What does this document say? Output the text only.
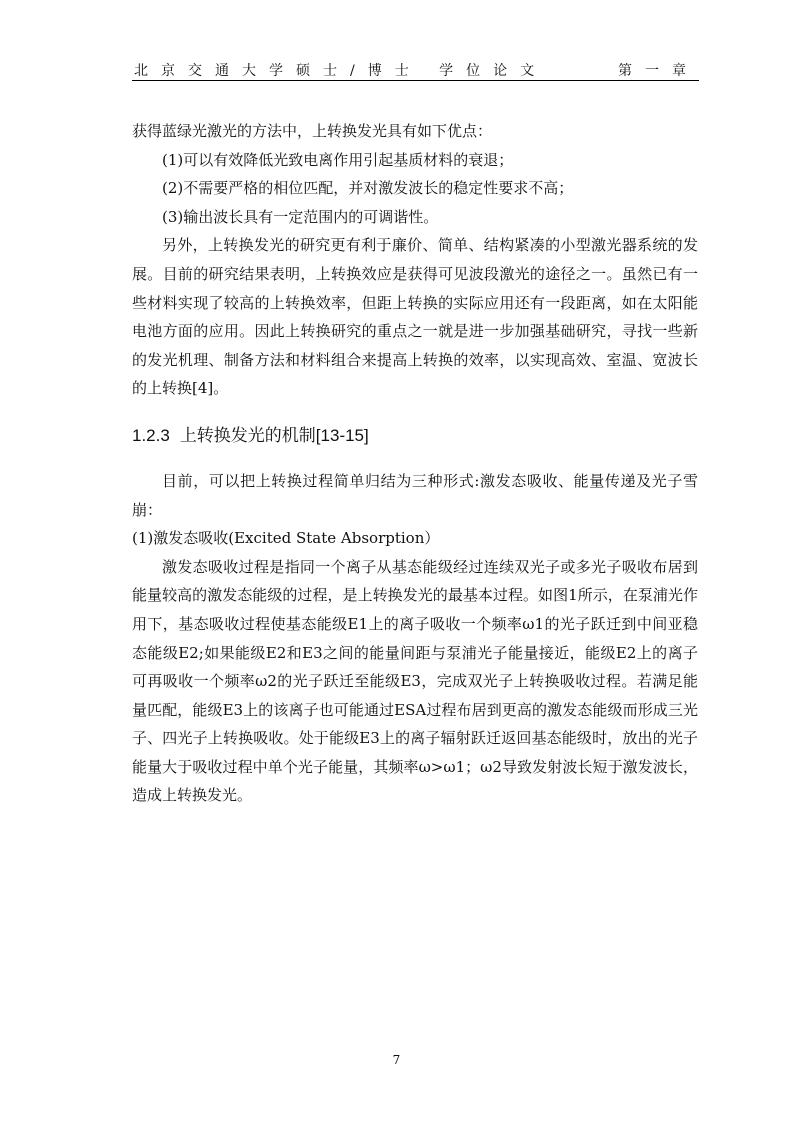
北京交通大学硕士/博士 学位论文	第一章

获得蓝绿光激光的方法中，上转换发光具有如下优点：

(1)可以有效降低光致电离作用引起基质材料的衰退；

(2)不需要严格的相位匹配，并对激发波长的稳定性要求不高；

(3)输出波长具有一定范围内的可调谐性。

另外，上转换发光的研究更有利于廉价、简单、结构紧凑的小型激光器系统的发展。目前的研究结果表明，上转换效应是获得可见波段激光的途径之一。虽然已有一些材料实现了较高的上转换效率，但距上转换的实际应用还有一段距离，如在太阳能电池方面的应用。因此上转换研究的重点之一就是进一步加强基础研究，寻找一些新的发光机理、制备方法和材料组合来提高上转换的效率，以实现高效、室温、宽波长的上转换[4]。

1.2.3 上转换发光的机制[13-15]

目前，可以把上转换过程简单归结为三种形式:激发态吸收、能量传递及光子雪崩：

(1)激发态吸收(Excited State Absorption）

激发态吸收过程是指同一个离子从基态能级经过连续双光子或多光子吸收布居到能量较高的激发态能级的过程，是上转换发光的最基本过程。如图1所示，在泵浦光作用下，基态吸收过程使基态能级E1上的离子吸收一个频率ω1的光子跃迁到中间亚稳态能级E2;如果能级E2和E3之间的能量间距与泵浦光子能量接近，能级E2上的离子可再吸收一个频率ω2的光子跃迁至能级E3，完成双光子上转换吸收过程。若满足能量匹配，能级E3上的该离子也可能通过ESA过程布居到更高的激发态能级而形成三光子、四光子上转换吸收。处于能级E3上的离子辐射跃迁返回基态能级时，放出的光子能量大于吸收过程中单个光子能量，其频率ω>ω1；ω2导致发射波长短于激发波长，造成上转换发光。

7
